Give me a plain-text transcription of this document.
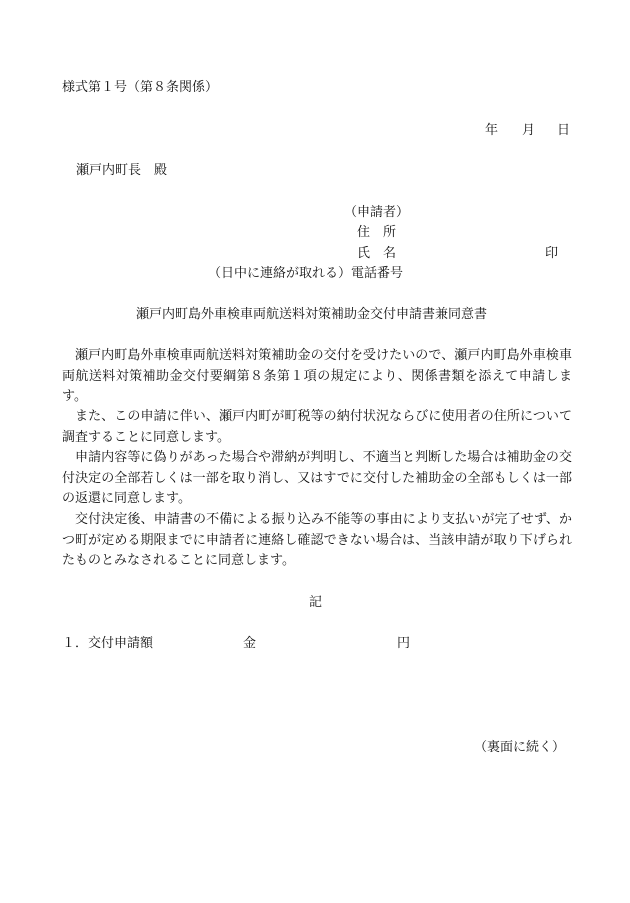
様式第１号（第８条関係）
年 月 日
瀬戸内町長　殿
（申請者）
住　所
氏　名	印
（日中に連絡が取れる）電話番号
瀬戸内町島外車検車両航送料対策補助金交付申請書兼同意書

瀬戸内町島外車検車両航送料対策補助金の交付を受けたいので、瀬戸内町島外車検車両航送料対策補助金交付要綱第８条第１項の規定により、関係書類を添えて申請します。

また、この申請に伴い、瀬戸内町が町税等の納付状況ならびに使用者の住所について調査することに同意します。

申請内容等に偽りがあった場合や滞納が判明し、不適当と判断した場合は補助金の交付決定の全部若しくは一部を取り消し、又はすでに交付した補助金の全部もしくは一部の返還に同意します。

交付決定後、申請書の不備による振り込み不能等の事由により支払いが完了せず、かつ町が定める期限までに申請者に連絡し確認できない場合は、当該申請が取り下げられたものとみなされることに同意します。

記
１．交付申請額	金	円
（裏面に続く）
